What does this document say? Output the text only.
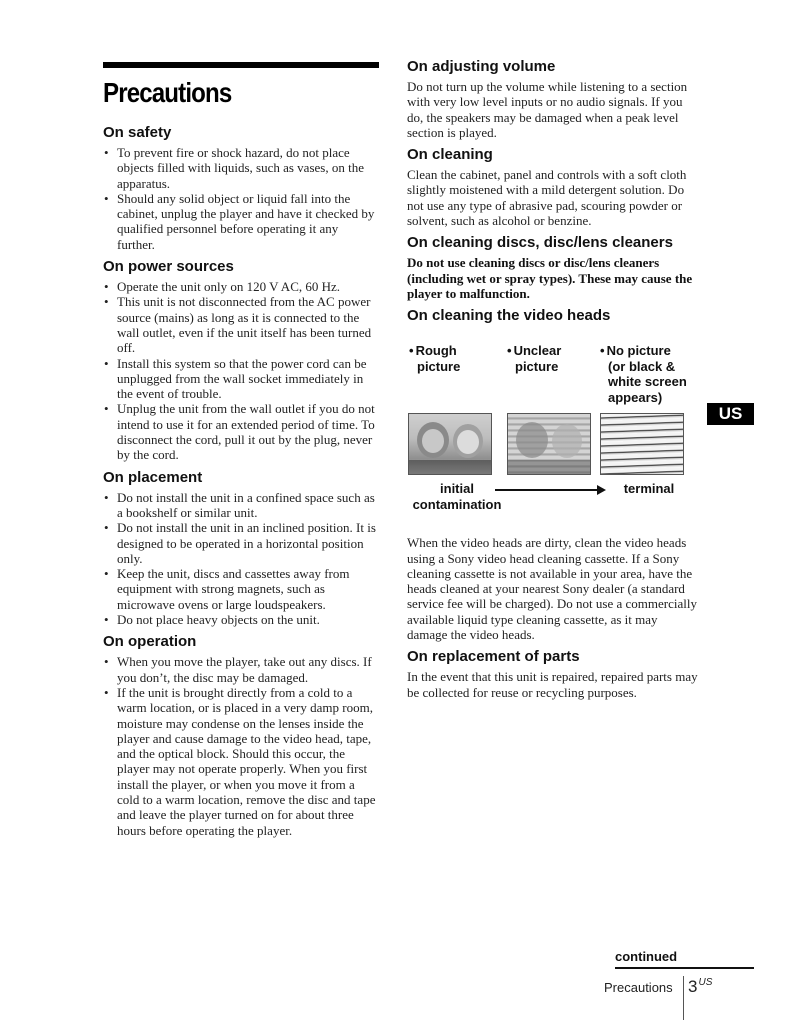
Precautions
On safety
• To prevent fire or shock hazard, do not place objects filled with liquids, such as vases, on the apparatus.
• Should any solid object or liquid fall into the cabinet, unplug the player and have it checked by qualified personnel before operating it any further.
On power sources
• Operate the unit only on 120 V AC, 60 Hz.
• This unit is not disconnected from the AC power source (mains) as long as it is connected to the wall outlet, even if the unit itself has been turned off.
• Install this system so that the power cord can be unplugged from the wall socket immediately in the event of trouble.
• Unplug the unit from the wall outlet if you do not intend to use it for an extended period of time. To disconnect the cord, pull it out by the plug, never by the cord.
On placement
• Do not install the unit in a confined space such as a bookshelf or similar unit.
• Do not install the unit in an inclined position. It is designed to be operated in a horizontal position only.
• Keep the unit, discs and cassettes away from equipment with strong magnets, such as microwave ovens or large loudspeakers.
• Do not place heavy objects on the unit.
On operation
• When you move the player, take out any discs. If you don’t, the disc may be damaged.
• If the unit is brought directly from a cold to a warm location, or is placed in a very damp room, moisture may condense on the lenses inside the player and cause damage to the video head, tape, and the optical block. Should this occur, the player may not operate properly. When you first install the player, or when you move it from a cold to a warm location, remove the disc and tape and leave the player turned on for about three hours before operating the player.
On adjusting volume

Do not turn up the volume while listening to a section with very low level inputs or no audio signals. If you do, the speakers may be damaged when a peak level section is played.

On cleaning

Clean the cabinet, panel and controls with a soft cloth slightly moistened with a mild detergent solution. Do not use any type of abrasive pad, scouring powder or solvent, such as alcohol or benzine.

On cleaning discs, disc/lens cleaners

Do not use cleaning discs or disc/lens cleaners (including wet or spray types). These may cause the player to malfunction.

On cleaning the video heads
• Rough
picture
• Unclear
picture
• No picture
(or black &
white screen
appears)
initial
contamination
terminal

When the video heads are dirty, clean the video heads using a Sony video head cleaning cassette. If a Sony cleaning cassette is not available in your area, have the heads cleaned at your nearest Sony dealer (a standard service fee will be charged). Do not use a commercially available liquid type cleaning cassette, as it may damage the video heads.

On replacement of parts

In the event that this unit is repaired, repaired parts may be collected for reuse or recycling purposes.

US
continued
Precautions $3^{US}$
